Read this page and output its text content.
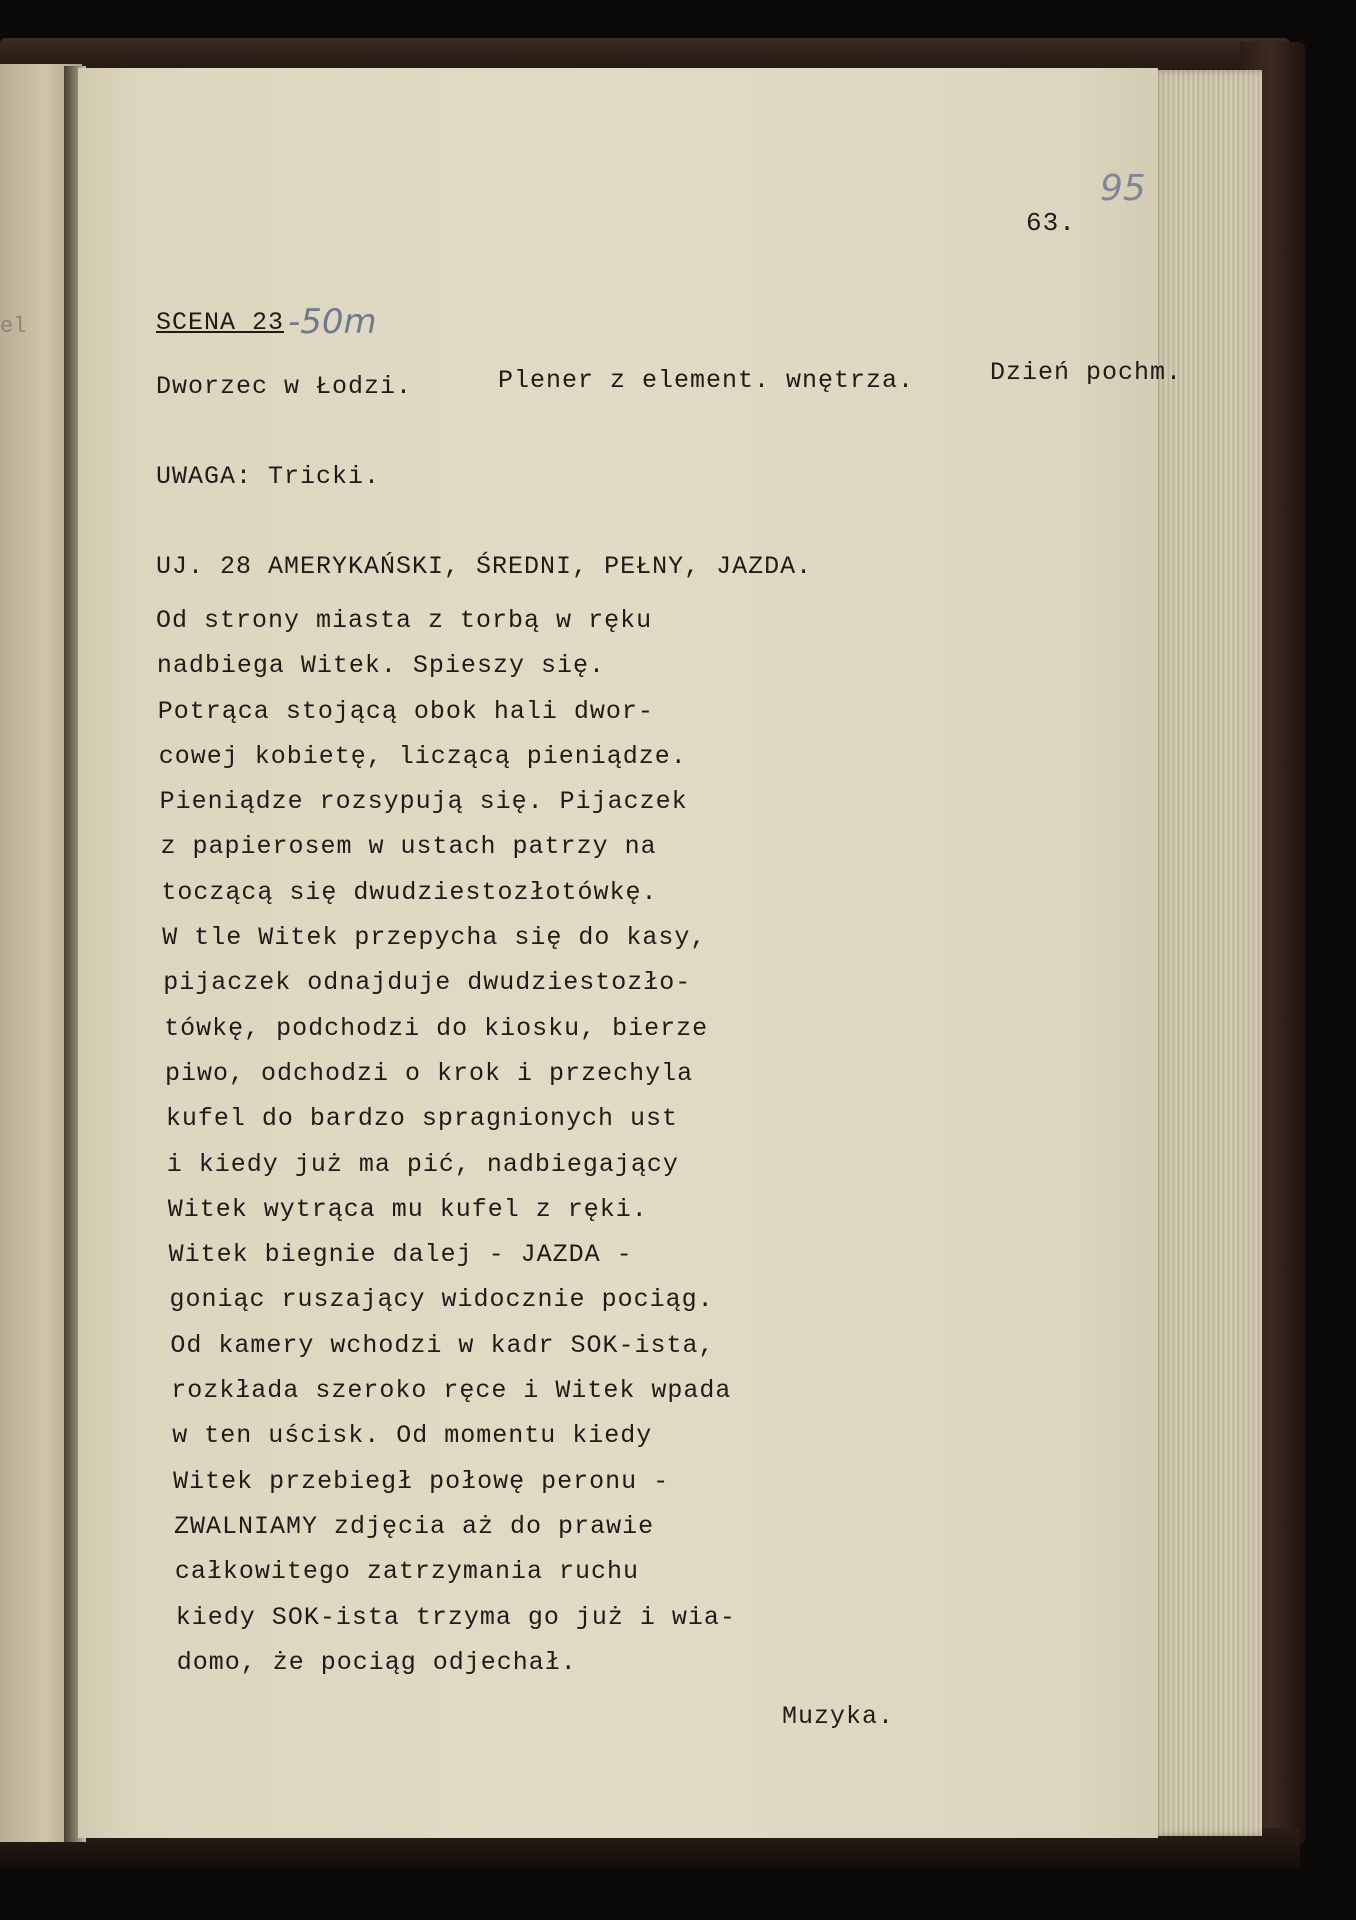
el
63.
95
SCENA 23 -50m
Dworzec w Łodzi.	Plener z element. wnętrza.	Dzień pochm.
UWAGA: Tricki.
UJ. 28 AMERYKAŃSKI, ŚREDNI, PEŁNY, JAZDA.
Od strony miasta z torbą w ręku
nadbiega Witek. Spieszy się.
Potrąca stojącą obok hali dwor-
cowej kobietę, liczącą pieniądze.
Pieniądze rozsypują się. Pijaczek
z papierosem w ustach patrzy na
toczącą się dwudziestozłotówkę.
W tle Witek przepycha się do kasy,
pijaczek odnajduje dwudziestozło-
tówkę, podchodzi do kiosku, bierze
piwo, odchodzi o krok i przechyla
kufel do bardzo spragnionych ust
i kiedy już ma pić, nadbiegający
Witek wytrąca mu kufel z ręki.
Witek biegnie dalej - JAZDA -
goniąc ruszający widocznie pociąg.
Od kamery wchodzi w kadr SOK-ista,
rozkłada szeroko ręce i Witek wpada
w ten uścisk. Od momentu kiedy
Witek przebiegł połowę peronu -
ZWALNIAMY zdjęcia aż do prawie
całkowitego zatrzymania ruchu
kiedy SOK-ista trzyma go już i wia-
domo, że pociąg odjechał.
Muzyka.
